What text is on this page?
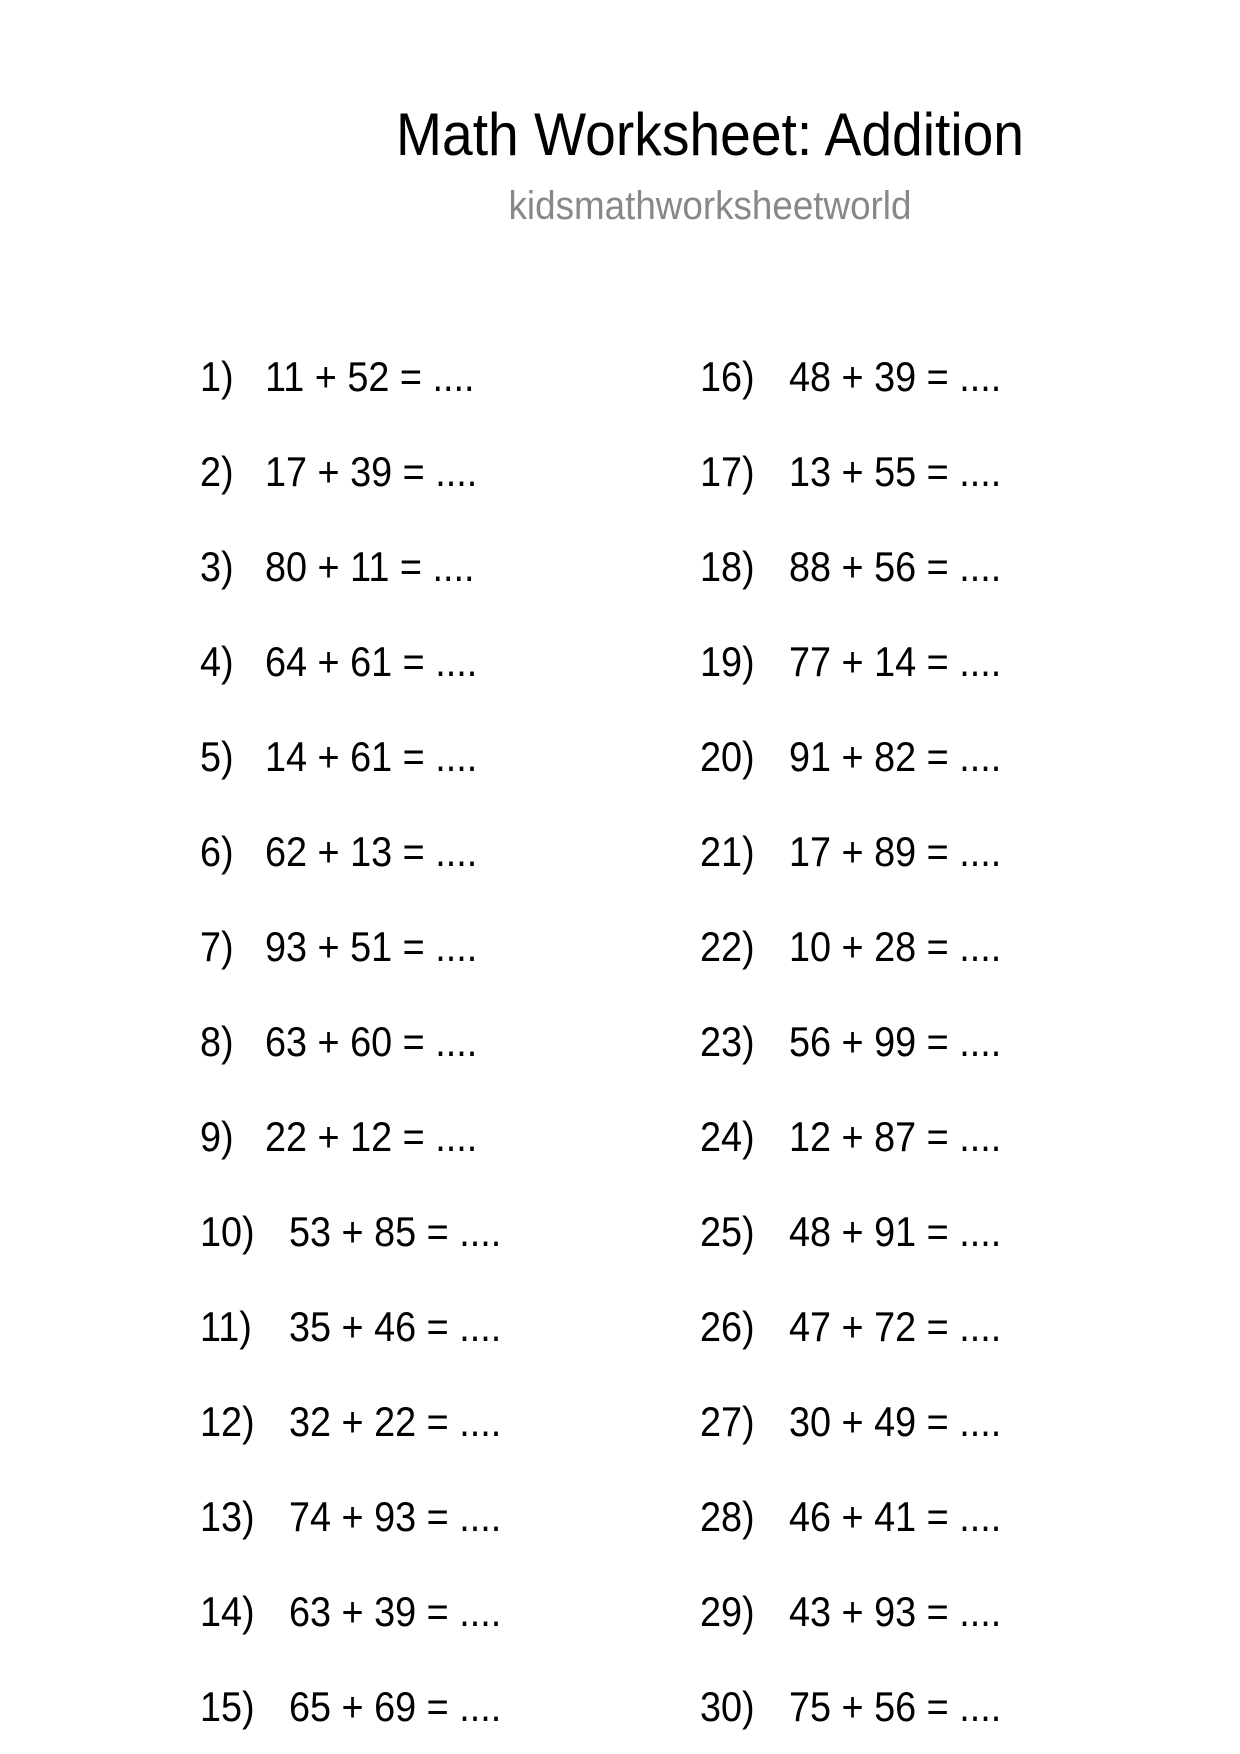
Math Worksheet: Addition
kidsmathworksheetworld
1) 11 + 52 = ....
2) 17 + 39 = ....
3) 80 + 11 = ....
4) 64 + 61 = ....
5) 14 + 61 = ....
6) 62 + 13 = ....
7) 93 + 51 = ....
8) 63 + 60 = ....
9) 22 + 12 = ....
10) 53 + 85 = ....
11) 35 + 46 = ....
12) 32 + 22 = ....
13) 74 + 93 = ....
14) 63 + 39 = ....
15) 65 + 69 = ....
16) 48 + 39 = ....
17) 13 + 55 = ....
18) 88 + 56 = ....
19) 77 + 14 = ....
20) 91 + 82 = ....
21) 17 + 89 = ....
22) 10 + 28 = ....
23) 56 + 99 = ....
24) 12 + 87 = ....
25) 48 + 91 = ....
26) 47 + 72 = ....
27) 30 + 49 = ....
28) 46 + 41 = ....
29) 43 + 93 = ....
30) 75 + 56 = ....
